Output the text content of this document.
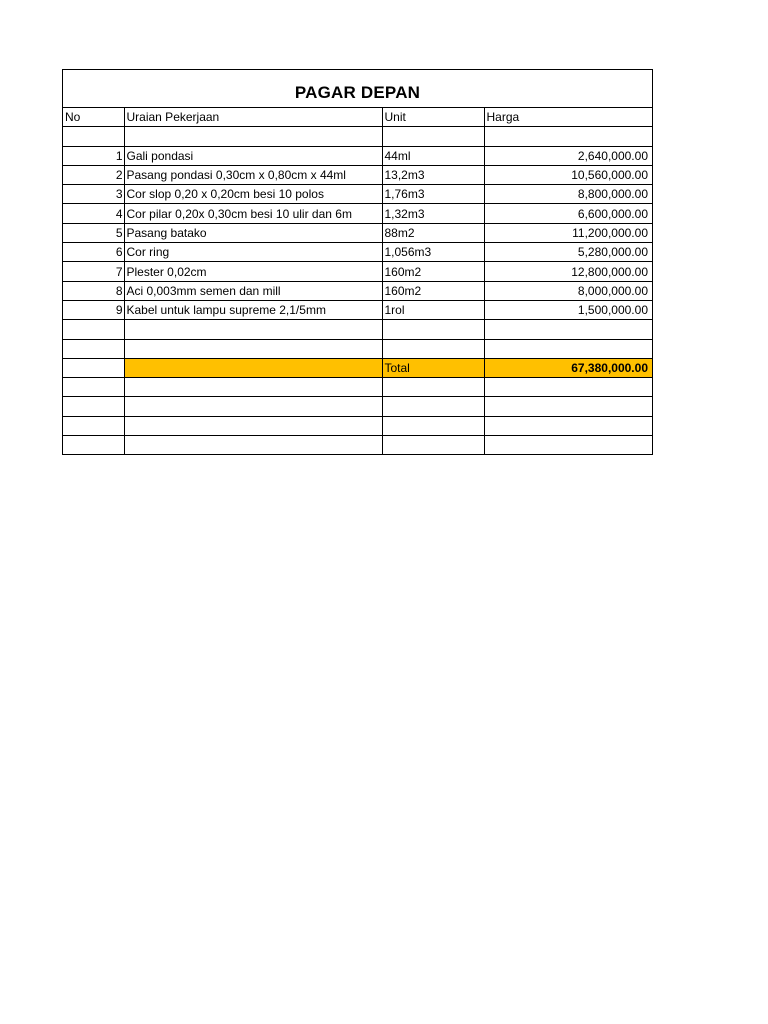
PAGAR DEPAN
No	Uraian Pekerjaan	Unit	Harga

1	Gali pondasi	44ml	2,640,000.00
2	Pasang pondasi 0,30cm x 0,80cm x 44ml	13,2m3	10,560,000.00
3	Cor slop 0,20 x 0,20cm besi 10 polos	1,76m3	8,800,000.00
4	Cor pilar 0,20x 0,30cm besi 10 ulir dan 6m	1,32m3	6,600,000.00
5	Pasang batako	88m2	11,200,000.00
6	Cor ring	1,056m3	5,280,000.00
7	Plester 0,02cm	160m2	12,800,000.00
8	Aci 0,003mm semen dan mill	160m2	8,000,000.00
9	Kabel untuk lampu supreme 2,1/5mm	1rol	1,500,000.00

		Total	67,380,000.00
